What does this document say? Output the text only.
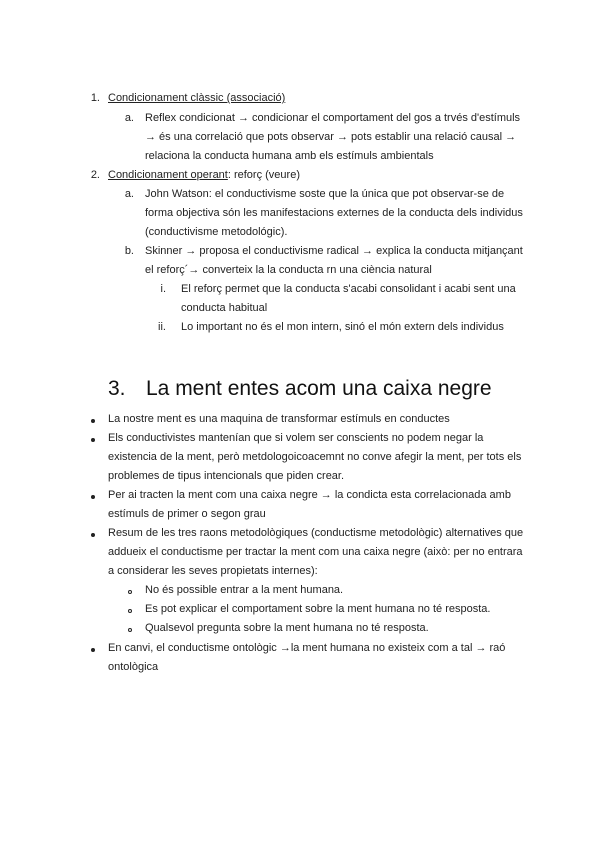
1. Condicionament clàssic (associació)
a. Reflex condicionat → condicionar el comportament del gos a trvés d'estímuls
→ és una correlació que pots observar → pots establir una relació causal →
relaciona la conducta humana amb els estímuls ambientals
2. Condicionament operant: reforç (veure)
a. John Watson: el conductivisme soste que la única que pot observar-se de
forma objectiva són les manifestacions externes de la conducta dels individus
(conductivisme metodológic).
b. Skinner → proposa el conductivisme radical → explica la conducta mitjançant
el reforç´→ converteix la la conducta rn una ciència natural
i. El reforç permet que la conducta s'acabi consolidant i acabi sent una
conducta habitual
ii. Lo important no és el mon intern, sinó el món extern dels individus
3. La ment entes acom una caixa negre
La nostre ment es una maquina de transformar estímuls en conductes
Els conductivistes mantenían que si volem ser conscients no podem negar la
existencia de la ment, però metdologoicoacemnt no conve afegir la ment, per tots els
problemes de tipus intencionals que piden crear.
Per ai tracten la ment com una caixa negre → la condicta esta correlacionada amb
estímuls de primer o segon grau
Resum de les tres raons metodològiques (conductisme metodològic) alternatives que
addueix el conductisme per tractar la ment com una caixa negre (això: per no entrara
a considerar les seves propietats internes):
No és possible entrar a la ment humana.
Es pot explicar el comportament sobre la ment humana no té resposta.
Qualsevol pregunta sobre la ment humana no té resposta.
En canvi, el conductisme ontològic →la ment humana no existeix com a tal → raó
ontològica
